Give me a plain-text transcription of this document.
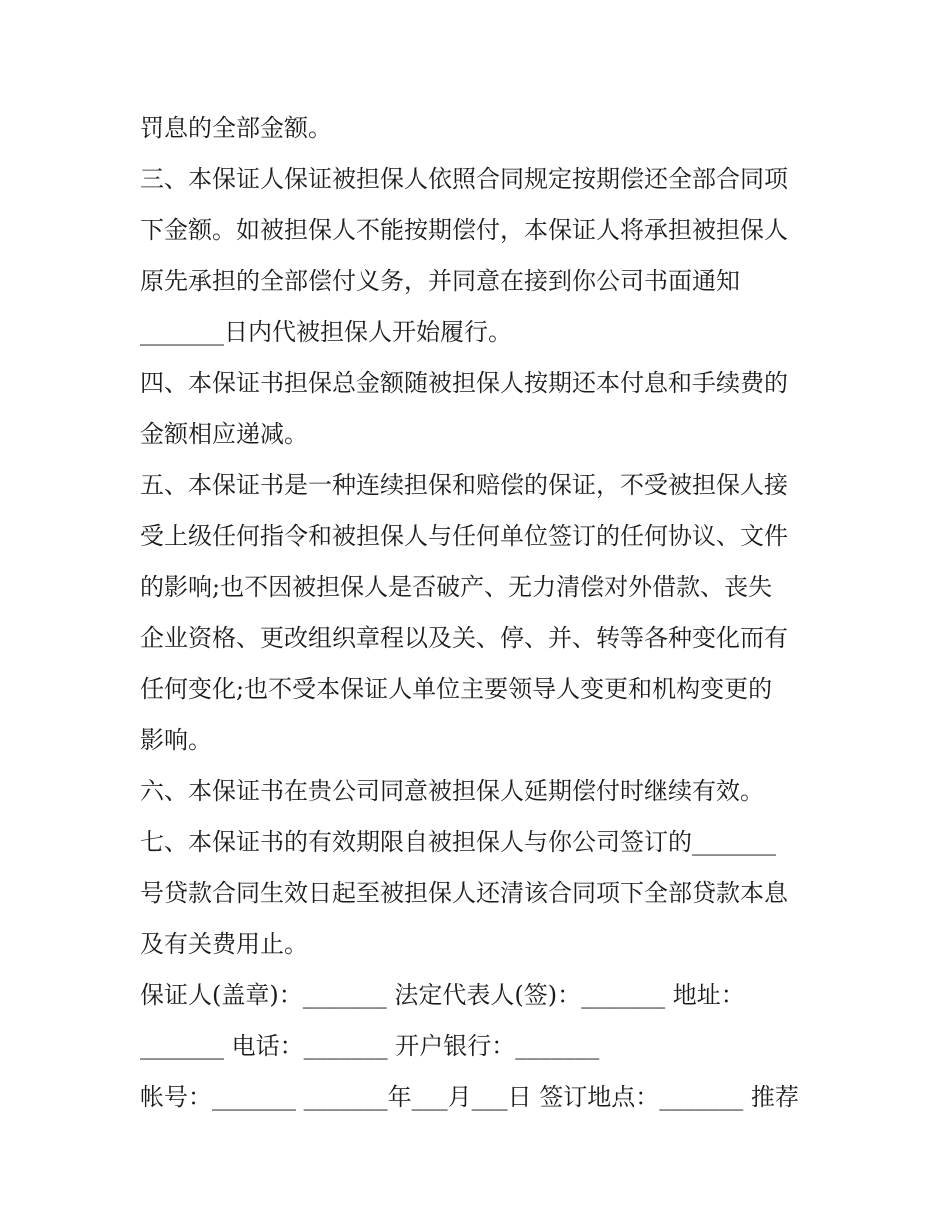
罚息的全部金额。
三、本保证人保证被担保人依照合同规定按期偿还全部合同项
下金额。如被担保人不能按期偿付，本保证人将承担被担保人
原先承担的全部偿付义务，并同意在接到你公司书面通知
_______日内代被担保人开始履行。
四、本保证书担保总金额随被担保人按期还本付息和手续费的
金额相应递减。
五、本保证书是一种连续担保和赔偿的保证，不受被担保人接
受上级任何指令和被担保人与任何单位签订的任何协议、文件
的影响;也不因被担保人是否破产、无力清偿对外借款、丧失
企业资格、更改组织章程以及关、停、并、转等各种变化而有
任何变化;也不受本保证人单位主要领导人变更和机构变更的
影响。
六、本保证书在贵公司同意被担保人延期偿付时继续有效。
七、本保证书的有效期限自被担保人与你公司签订的_______
号贷款合同生效日起至被担保人还清该合同项下全部贷款本息
及有关费用止。
保证人(盖章)：_______ 法定代表人(签)：_______ 地址：
_______ 电话：_______ 开户银行：_______
帐号：_______ _______年___月___日 签订地点：_______ 推荐
